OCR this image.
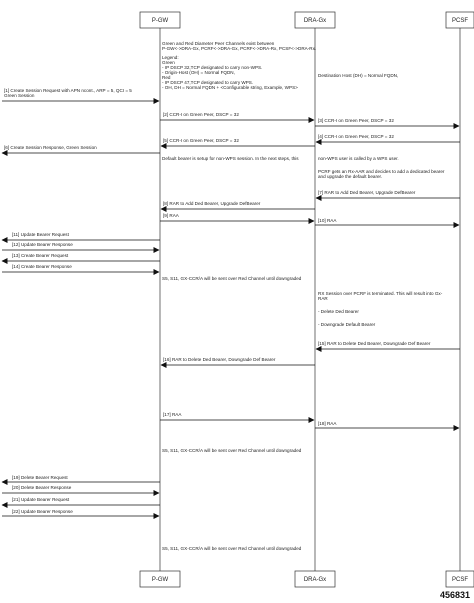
P-GW	DRA-Gx	PCSF
P-GW	DRA-Gx	PCSF
Green and Red Diameter Peer Channels exist between
P-GW<->DRA-Gx, PCRF<->DRA-Gx, PCRF<->DRA-Rx, PCSF<->DRA-Rx.
Legend:
Green
- IP DSCP 32,TCP designated to carry non-WPS.
- Origin-Host (OH) = Normal FQDN,
Red
- IP DSCP 47,TCP designated to carry WPS.
- OH, DH = Normal FQDN + <Configurable string, Example, WPS>
Destination Host (DH) = Normal FQDN,
[1] Create Session Request with APN ncont., ARP = 5, QCI = 5
Green Session
[2] CCR-I on Green Peer, DSCP = 32
[3] CCR-I on Green Peer, DSCP = 32
[4] CCR-I on Green Peer, DSCP = 32
[5] CCR-I on Green Peer, DSCP = 32
[6] Create Session Response, Green Session
Default bearer is setup for non-WPS session. In the next steps, this	non-WPS user is called by a WPS user.
PCRF gets an Rx-AAR and decides to add a dedicated bearer
and upgrade the default bearer.
[7] RAR to Add Ded Bearer, Upgrade DefBearer
[8] RAR to Add Ded Bearer, Upgrade DefBearer
[9] RAA
[10] RAA
[11] Update Bearer Request
[12] Update Bearer Response
[13] Create Bearer Request
[14] Create Bearer Response
S5, S11, GX-CCR/A will be sent over Red Channel until downgraded
RX Session over PCRF is terminated. This will result into Gx-
RAR
- Delete Ded Bearer
- Downgrade Default Bearer
[15] RAR to Delete Ded Bearer, Downgrade Def Bearer
[16] RAR to Delete Ded Bearer, Downgrade Def Bearer
[17] RAA
[18] RAA
S5, S11, GX-CCR/A will be sent over Red Channel until downgraded
[19] Delete Bearer Request
[20] Delete Bearer Response
[21] Update Bearer Request
[22] Update Bearer Response
S5, S11, GX-CCR/A will be sent over Red Channel until downgraded
456831
